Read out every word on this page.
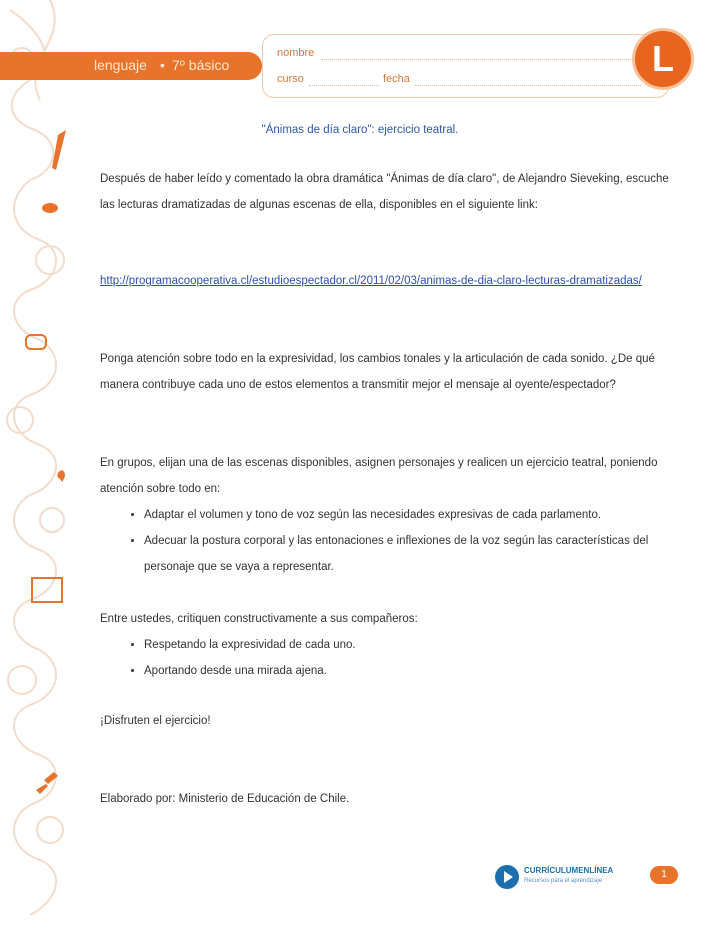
lenguaje • 7º básico
nombre
curso	fecha	L
"Ánimas de día claro": ejercicio teatral.
Después de haber leído y comentado la obra dramática "Ánimas de día claro", de Alejandro Sieveking, escuche las lecturas dramatizadas de algunas escenas de ella, disponibles en el siguiente link:
http://programacooperativa.cl/estudioespectador.cl/2011/02/03/animas-de-dia-claro-lecturas-dramatizadas/
Ponga atención sobre todo en la expresividad, los cambios tonales y la articulación de cada sonido. ¿De qué manera contribuye cada uno de estos elementos a transmitir mejor el mensaje al oyente/espectador?
En grupos, elijan una de las escenas disponibles, asignen personajes y realicen un ejercicio teatral, poniendo atención sobre todo en:
• Adaptar el volumen y tono de voz según las necesidades expresivas de cada parlamento.
• Adecuar la postura corporal y las entonaciones e inflexiones de la voz según las características del personaje que se vaya a representar.
Entre ustedes, critiquen constructivamente a sus compañeros:
• Respetando la expresividad de cada uno.
• Aportando desde una mirada ajena.
¡Disfruten el ejercicio!
Elaborado por: Ministerio de Educación de Chile.
CURRÍCULUMENLÍNEA
Recursos para el aprendizaje
1
